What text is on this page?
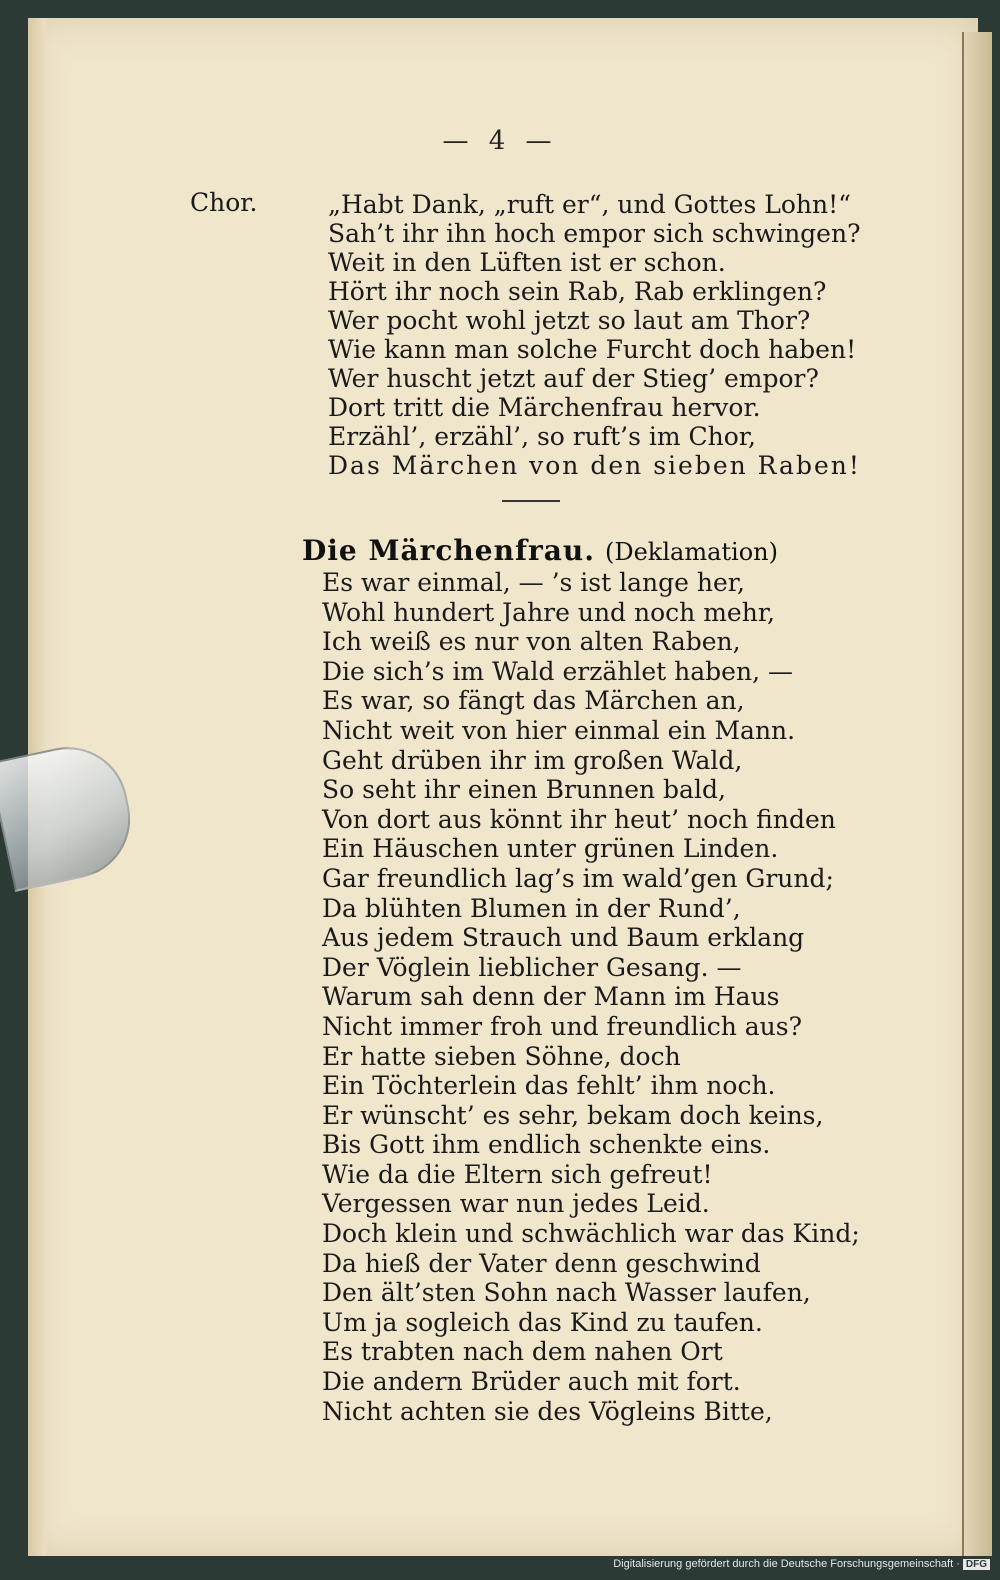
— 4 —
Chor.	„Habt Dank, „ruft er“, und Gottes Lohn!“
Sah’t ihr ihn hoch empor sich schwingen?
Weit in den Lüften ist er schon.
Hört ihr noch sein Rab, Rab erklingen?
Wer pocht wohl jetzt so laut am Thor?
Wie kann man solche Furcht doch haben!
Wer huscht jetzt auf der Stieg’ empor?
Dort tritt die Märchenfrau hervor.
Erzähl’, erzähl’, so ruft’s im Chor,
Das Märchen von den sieben Raben!
Die Märchenfrau. (Deklamation)
Es war einmal, — ’s ist lange her,
Wohl hundert Jahre und noch mehr,
Ich weiß es nur von alten Raben,
Die sich’s im Wald erzählet haben, —
Es war, so fängt das Märchen an,
Nicht weit von hier einmal ein Mann.
Geht drüben ihr im großen Wald,
So seht ihr einen Brunnen bald,
Von dort aus könnt ihr heut’ noch finden
Ein Häuschen unter grünen Linden.
Gar freundlich lag’s im wald’gen Grund;
Da blühten Blumen in der Rund’,
Aus jedem Strauch und Baum erklang
Der Vöglein lieblicher Gesang. —
Warum sah denn der Mann im Haus
Nicht immer froh und freundlich aus?
Er hatte sieben Söhne, doch
Ein Töchterlein das fehlt’ ihm noch.
Er wünscht’ es sehr, bekam doch keins,
Bis Gott ihm endlich schenkte eins.
Wie da die Eltern sich gefreut!
Vergessen war nun jedes Leid.
Doch klein und schwächlich war das Kind;
Da hieß der Vater denn geschwind
Den ält’sten Sohn nach Wasser laufen,
Um ja sogleich das Kind zu taufen.
Es trabten nach dem nahen Ort
Die andern Brüder auch mit fort.
Nicht achten sie des Vögleins Bitte,
Digitalisierung gefördert durch die Deutsche Forschungsgemeinschaft · DFG
